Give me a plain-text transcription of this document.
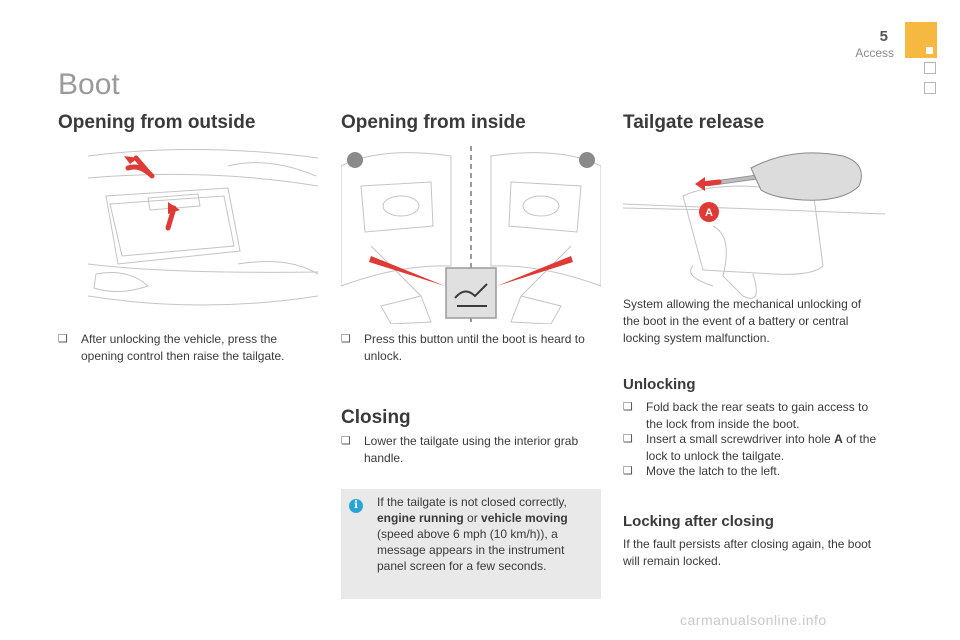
5
Access
Boot
Opening from outside
❑	After unlocking the vehicle, press the opening control then raise the tailgate.
Opening from inside
❑	Press this button until the boot is heard to unlock.
Closing
❑	Lower the tailgate using the interior grab handle.
i	If the tailgate is not closed correctly, engine running or vehicle moving (speed above 6 mph (10 km/h)), a message appears in the instrument panel screen for a few seconds.
Tailgate release
A
System allowing the mechanical unlocking of the boot in the event of a battery or central locking system malfunction.
Unlocking
❑	Fold back the rear seats to gain access to the lock from inside the boot.
❑	Insert a small screwdriver into hole A of the lock to unlock the tailgate.
❑	Move the latch to the left.
Locking after closing
If the fault persists after closing again, the boot will remain locked.
carmanualsonline.info
